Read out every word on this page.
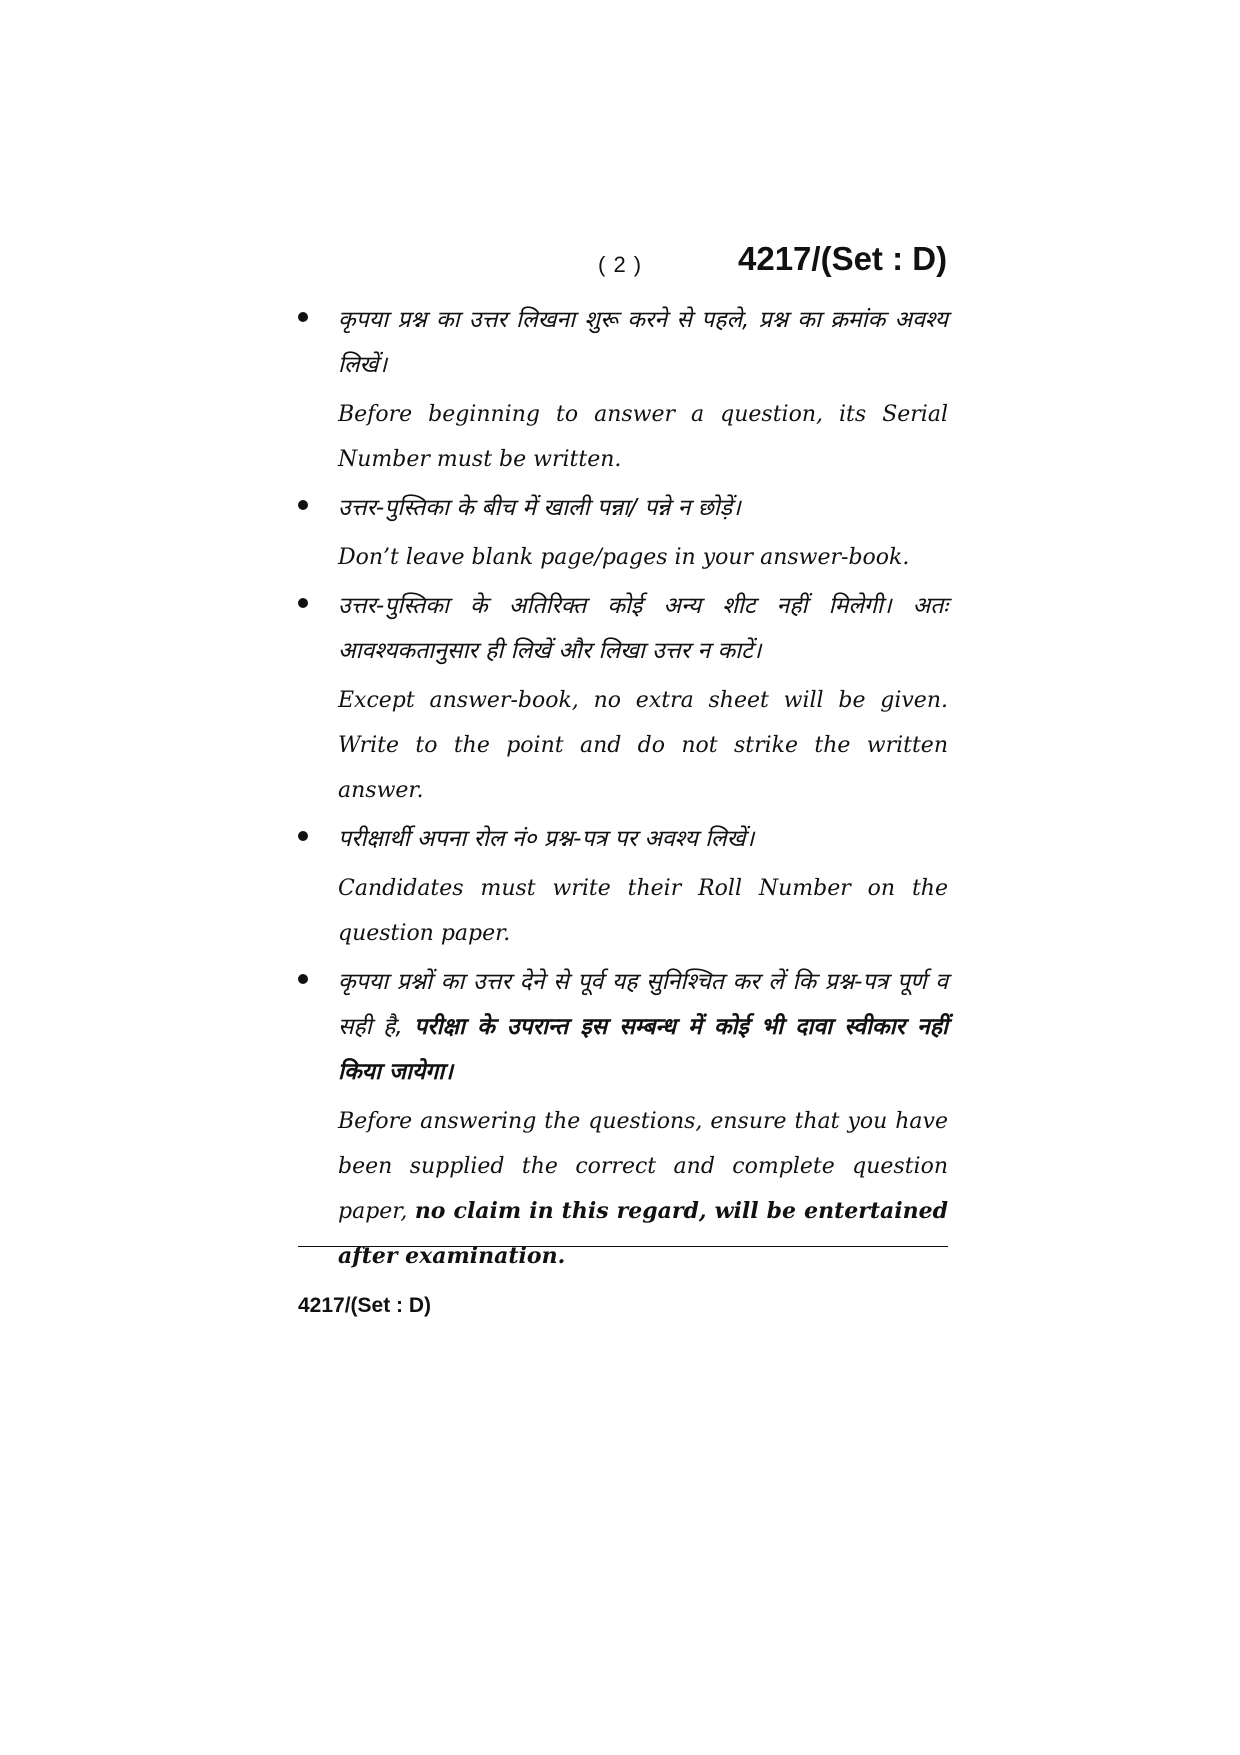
( 2 )	4217/(Set : D)

कृपया प्रश्न का उत्तर लिखना शुरू करने से पहले, प्रश्न का क्रमांक अवश्य लिखें।

Before beginning to answer a question, its Serial Number must be written.

उत्तर-पुस्तिका के बीच में खाली पन्ना/ पन्ने न छोड़ें।

Don’t leave blank page/pages in your answer-book.

उत्तर-पुस्तिका के अतिरिक्त कोई अन्य शीट नहीं मिलेगी। अतः आवश्यकतानुसार ही लिखें और लिखा उत्तर न काटें।

Except answer-book, no extra sheet will be given. Write to the point and do not strike the written answer.

परीक्षार्थी अपना रोल नं० प्रश्न-पत्र पर अवश्य लिखें।

Candidates must write their Roll Number on the question paper.

कृपया प्रश्नों का उत्तर देने से पूर्व यह सुनिश्चित कर लें कि प्रश्न-पत्र पूर्ण व सही है, परीक्षा के उपरान्त इस सम्बन्ध में कोई भी दावा स्वीकार नहीं किया जायेगा।

Before answering the questions, ensure that you have been supplied the correct and complete question paper, no claim in this regard, will be entertained after examination.

4217/(Set : D)
